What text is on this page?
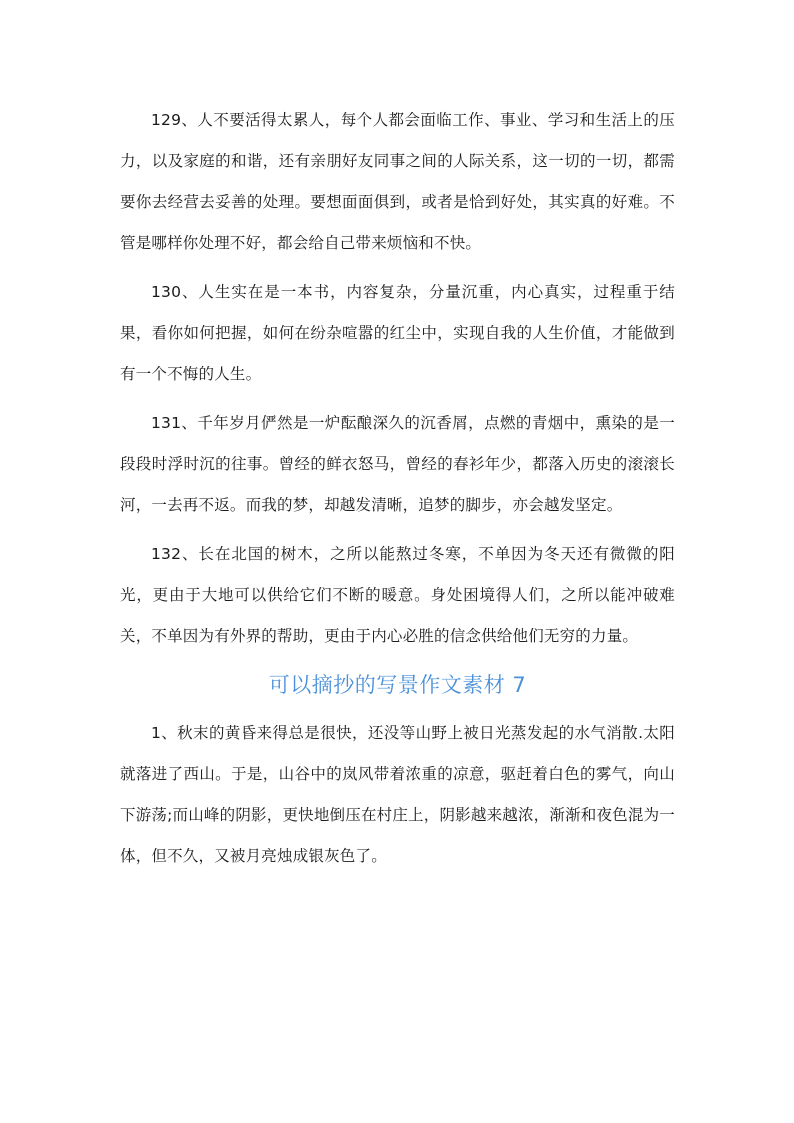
129、人不要活得太累人，每个人都会面临工作、事业、学习和生活上的压力，以及家庭的和谐，还有亲朋好友同事之间的人际关系，这一切的一切，都需要你去经营去妥善的处理。要想面面俱到，或者是恰到好处，其实真的好难。不管是哪样你处理不好，都会给自己带来烦恼和不快。

130、人生实在是一本书，内容复杂，分量沉重，内心真实，过程重于结果，看你如何把握，如何在纷杂喧嚣的红尘中，实现自我的人生价值，才能做到有一个不悔的人生。

131、千年岁月俨然是一炉酝酿深久的沉香屑，点燃的青烟中，熏染的是一段段时浮时沉的往事。曾经的鲜衣怒马，曾经的春衫年少，都落入历史的滚滚长河，一去再不返。而我的梦，却越发清晰，追梦的脚步，亦会越发坚定。

132、长在北国的树木，之所以能熬过冬寒，不单因为冬天还有微微的阳光，更由于大地可以供给它们不断的暖意。身处困境得人们，之所以能冲破难关，不单因为有外界的帮助，更由于内心必胜的信念供给他们无穷的力量。

可以摘抄的写景作文素材 7

1、秋末的黄昏来得总是很快，还没等山野上被日光蒸发起的水气消散.太阳就落进了西山。于是，山谷中的岚风带着浓重的凉意，驱赶着白色的雾气，向山下游荡;而山峰的阴影，更快地倒压在村庄上，阴影越来越浓，渐渐和夜色混为一体，但不久，又被月亮烛成银灰色了。
